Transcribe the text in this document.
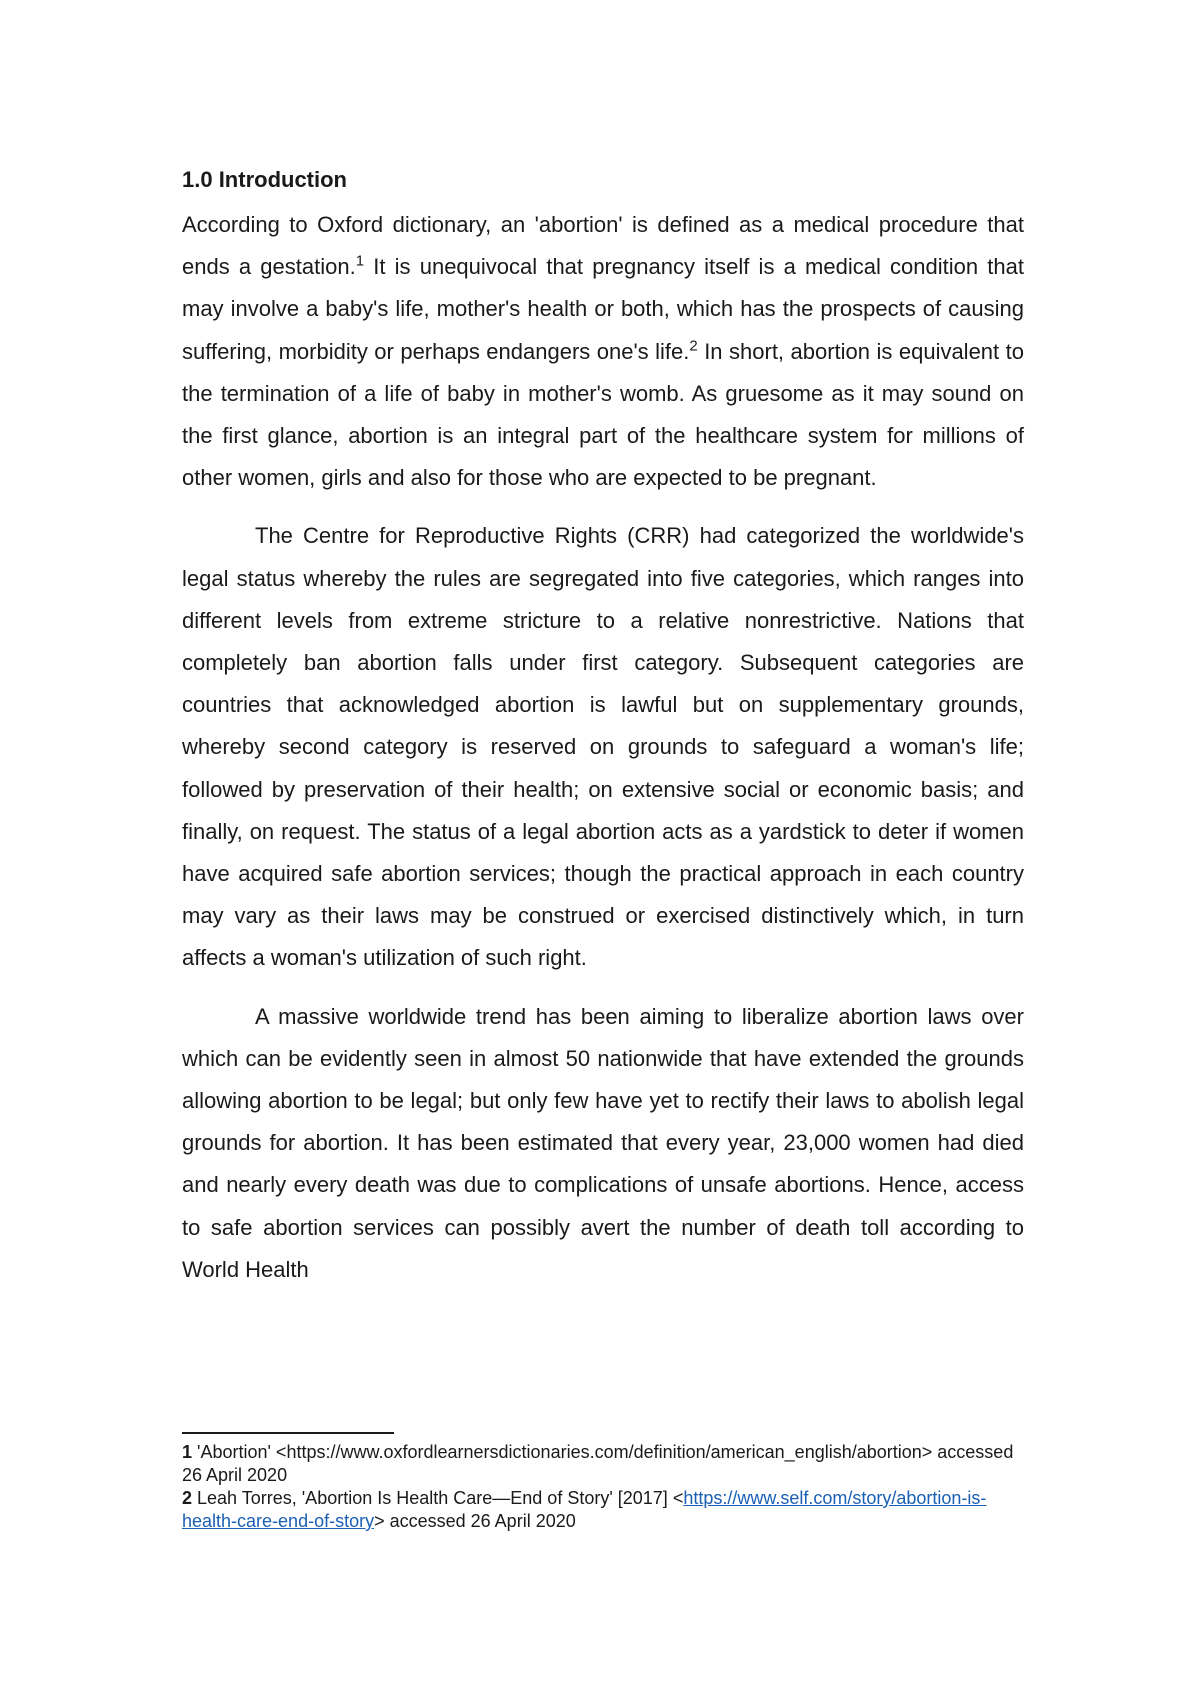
1.0 Introduction

According to Oxford dictionary, an 'abortion' is defined as a medical procedure that ends a gestation.$^1$ It is unequivocal that pregnancy itself is a medical condition that may involve a baby's life, mother's health or both, which has the prospects of causing suffering, morbidity or perhaps endangers one's life.$^2$ In short, abortion is equivalent to the termination of a life of baby in mother's womb. As gruesome as it may sound on the first glance, abortion is an integral part of the healthcare system for millions of other women, girls and also for those who are expected to be pregnant.

The Centre for Reproductive Rights (CRR) had categorized the worldwide's legal status whereby the rules are segregated into five categories, which ranges into different levels from extreme stricture to a relative nonrestrictive. Nations that completely ban abortion falls under first category. Subsequent categories are countries that acknowledged abortion is lawful but on supplementary grounds, whereby second category is reserved on grounds to safeguard a woman's life; followed by preservation of their health; on extensive social or economic basis; and finally, on request. The status of a legal abortion acts as a yardstick to deter if women have acquired safe abortion services; though the practical approach in each country may vary as their laws may be construed or exercised distinctively which, in turn affects a woman's utilization of such right.

A massive worldwide trend has been aiming to liberalize abortion laws over which can be evidently seen in almost 50 nationwide that have extended the grounds allowing abortion to be legal; but only few have yet to rectify their laws to abolish legal grounds for abortion. It has been estimated that every year, 23,000 women had died and nearly every death was due to complications of unsafe abortions. Hence, access to safe abortion services can possibly avert the number of death toll according to World Health

1 'Abortion' <https://www.oxfordlearnersdictionaries.com/definition/american_english/abortion> accessed 26 April 2020

2 Leah Torres, 'Abortion Is Health Care—End of Story' [2017] <https://www.self.com/story/abortion-is-health-care-end-of-story> accessed 26 April 2020
